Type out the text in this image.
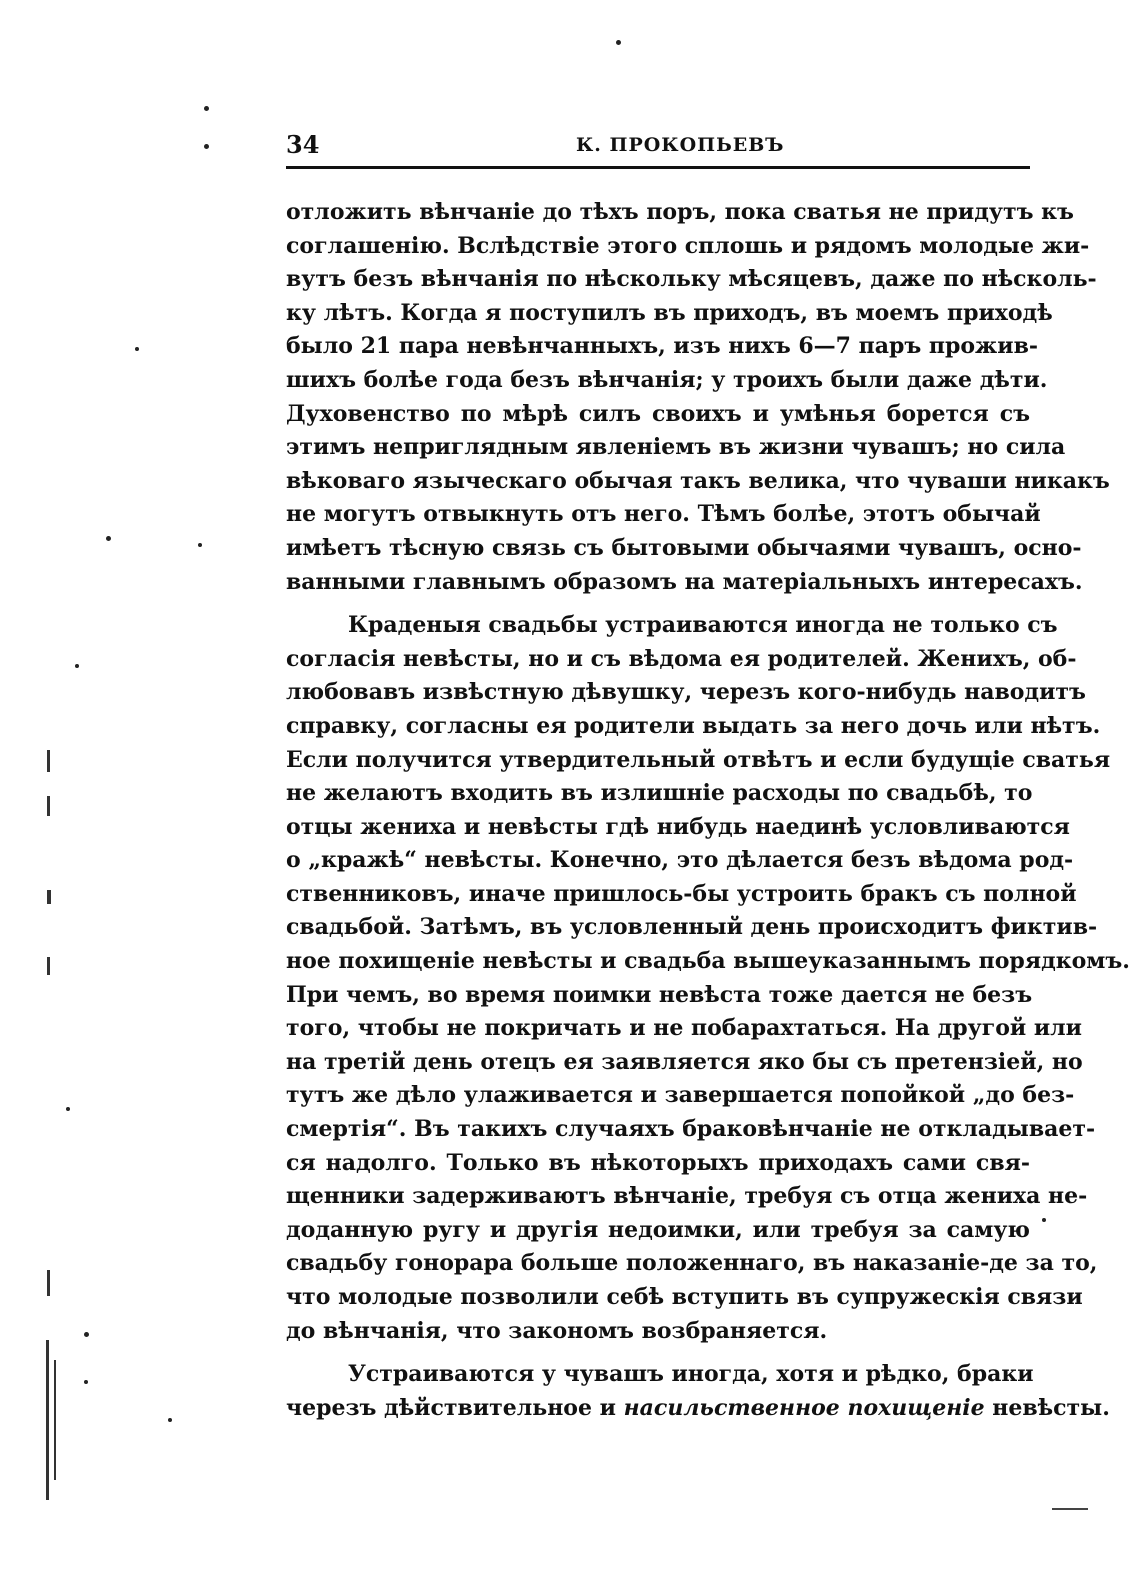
34	К. ПРОКОПЬЕВЪ
отложить вѣнчаніе до тѣхъ поръ, пока сватья не придутъ къ
соглашенію. Вслѣдствіе этого сплошь и рядомъ молодые жи-
вутъ безъ вѣнчанія по нѣскольку мѣсяцевъ, даже по нѣсколь-
ку лѣтъ. Когда я поступилъ въ приходъ, въ моемъ приходѣ
было 21 пара невѣнчанныхъ, изъ нихъ 6—7 паръ прожив-
шихъ болѣе года безъ вѣнчанія; у троихъ были даже дѣти.
Духовенство по мѣрѣ силъ своихъ и умѣнья борется съ
этимъ неприглядным явленіемъ въ жизни чувашъ; но сила
вѣковаго языческаго обычая такъ велика, что чуваши никакъ
не могутъ отвыкнуть отъ него. Тѣмъ болѣе, этотъ обычай
имѣетъ тѣсную связь съ бытовыми обычаями чувашъ, осно-
ванными главнымъ образомъ на матеріальныхъ интересахъ.
Краденыя свадьбы устраиваются иногда не только съ
согласія невѣсты, но и съ вѣдома ея родителей. Женихъ, об-
любовавъ извѣстную дѣвушку, черезъ кого-нибудь наводитъ
справку, согласны ея родители выдать за него дочь или нѣтъ.
Если получится утвердительный отвѣтъ и если будущіе сватья
не желаютъ входить въ излишніе расходы по свадьбѣ, то
отцы жениха и невѣсты гдѣ нибудь наединѣ условливаются
о „кражѣ“ невѣсты. Конечно, это дѣлается безъ вѣдома род-
ственниковъ, иначе пришлось-бы устроить бракъ съ полной
свадьбой. Затѣмъ, въ условленный день происходитъ фиктив-
ное похищеніе невѣсты и свадьба вышеуказаннымъ порядкомъ.
При чемъ, во время поимки невѣста тоже дается не безъ
того, чтобы не покричать и не побарахтаться. На другой или
на третій день отецъ ея заявляется яко бы съ претензіей, но
тутъ же дѣло улаживается и завершается попойкой „до без-
смертія“. Въ такихъ случаяхъ браковѣнчаніе не откладывает-
ся надолго. Только въ нѣкоторыхъ приходахъ сами свя-
щенники задерживаютъ вѣнчаніе, требуя съ отца жениха не-
доданную ругу и другія недоимки, или требуя за самую
свадьбу гонорара больше положеннаго, въ наказаніе-де за то,
что молодые позволили себѣ вступить въ супружескія связи
до вѣнчанія, что закономъ возбраняется.
Устраиваются у чувашъ иногда, хотя и рѣдко, браки
черезъ дѣйствительное и насильственное похищеніе невѣсты.
